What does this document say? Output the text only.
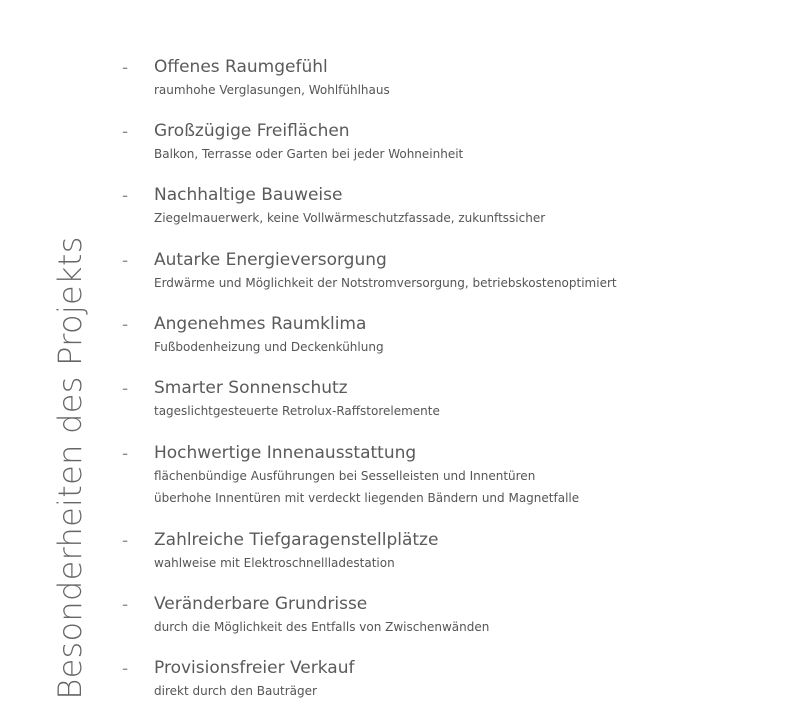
Besonderheiten des Projekts
- Offenes Raumgefühl
raumhohe Verglasungen, Wohlfühlhaus
- Großzügige Freiflächen
Balkon, Terrasse oder Garten bei jeder Wohneinheit
- Nachhaltige Bauweise
Ziegelmauerwerk, keine Vollwärmeschutzfassade, zukunftssicher
- Autarke Energieversorgung
Erdwärme und Möglichkeit der Notstromversorgung, betriebskostenoptimiert
- Angenehmes Raumklima
Fußbodenheizung und Deckenkühlung
- Smarter Sonnenschutz
tageslichtgesteuerte Retrolux-Raffstorelemente
- Hochwertige Innenausstattung
flächenbündige Ausführungen bei Sesselleisten und Innentüren
überhohe Innentüren mit verdeckt liegenden Bändern und Magnetfalle
- Zahlreiche Tiefgaragenstellplätze
wahlweise mit Elektroschnellladestation
- Veränderbare Grundrisse
durch die Möglichkeit des Entfalls von Zwischenwänden
- Provisionsfreier Verkauf
direkt durch den Bauträger
